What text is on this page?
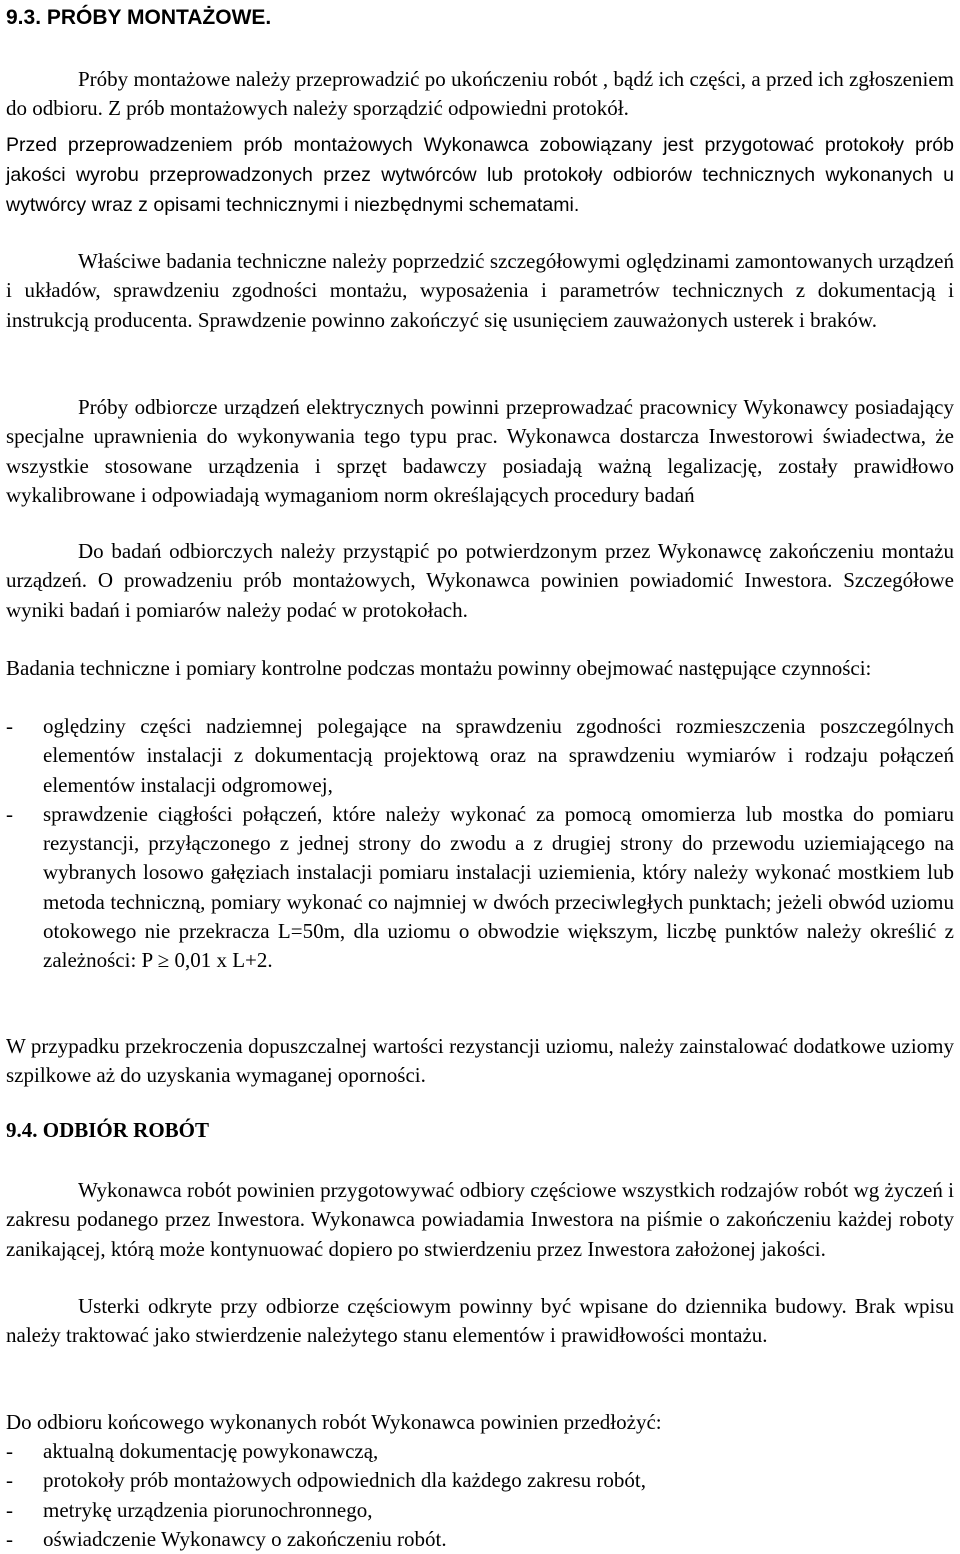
9.3. PRÓBY MONTAŻOWE.

Próby montażowe należy przeprowadzić po ukończeniu robót , bądź ich części, a przed ich zgłoszeniem do odbioru. Z prób montażowych należy sporządzić odpowiedni protokół.

Przed przeprowadzeniem prób montażowych Wykonawca zobowiązany jest przygotować protokoły prób jakości wyrobu przeprowadzonych przez wytwórców lub protokoły odbiorów technicznych wykonanych u wytwórcy wraz z opisami technicznymi i niezbędnymi schematami.

Właściwe badania techniczne należy poprzedzić szczegółowymi oględzinami zamontowanych urządzeń i układów, sprawdzeniu zgodności montażu, wyposażenia i parametrów technicznych z dokumentacją i instrukcją producenta. Sprawdzenie powinno zakończyć się usunięciem zauważonych usterek i braków.

Próby odbiorcze urządzeń elektrycznych powinni przeprowadzać pracownicy Wykonawcy posiadający specjalne uprawnienia do wykonywania tego typu prac. Wykonawca dostarcza Inwestorowi świadectwa, że wszystkie stosowane urządzenia i sprzęt badawczy posiadają ważną legalizację, zostały prawidłowo wykalibrowane i odpowiadają wymaganiom norm określających procedury badań

Do badań odbiorczych należy przystąpić po potwierdzonym przez Wykonawcę zakończeniu montażu urządzeń. O prowadzeniu prób montażowych, Wykonawca powinien powiadomić Inwestora. Szczegółowe wyniki badań i pomiarów należy podać w protokołach.

Badania techniczne i pomiary kontrolne podczas montażu powinny obejmować następujące czynności:

- oględziny części nadziemnej polegające na sprawdzeniu zgodności rozmieszczenia poszczególnych elementów instalacji z dokumentacją projektową oraz na sprawdzeniu wymiarów i rodzaju połączeń elementów instalacji odgromowej,
- sprawdzenie ciągłości połączeń, które należy wykonać za pomocą omomierza lub mostka do pomiaru rezystancji, przyłączonego z jednej strony do zwodu a z drugiej strony do przewodu uziemiającego na wybranych losowo gałęziach instalacji pomiaru instalacji uziemienia, który należy wykonać mostkiem lub metoda techniczną, pomiary wykonać co najmniej w dwóch przeciwległych punktach; jeżeli obwód uziomu otokowego nie przekracza L=50m, dla uziomu o obwodzie większym, liczbę punktów należy określić z zależności: P ≥ 0,01 x L+2.

W przypadku przekroczenia dopuszczalnej wartości rezystancji uziomu, należy zainstalować dodatkowe uziomy szpilkowe aż do uzyskania wymaganej oporności.

9.4. ODBIÓR ROBÓT

Wykonawca robót powinien przygotowywać odbiory częściowe wszystkich rodzajów robót wg życzeń i zakresu podanego przez Inwestora. Wykonawca powiadamia Inwestora na piśmie o zakończeniu każdej roboty zanikającej, którą może kontynuować dopiero po stwierdzeniu przez Inwestora założonej jakości.

Usterki odkryte przy odbiorze częściowym powinny być wpisane do dziennika budowy. Brak wpisu należy traktować jako stwierdzenie należytego stanu elementów i prawidłowości montażu.

Do odbioru końcowego wykonanych robót Wykonawca powinien przedłożyć:

- aktualną dokumentację powykonawczą,
- protokoły prób montażowych odpowiednich dla każdego zakresu robót,
- metrykę urządzenia piorunochronnego,
- oświadczenie Wykonawcy o zakończeniu robót.
